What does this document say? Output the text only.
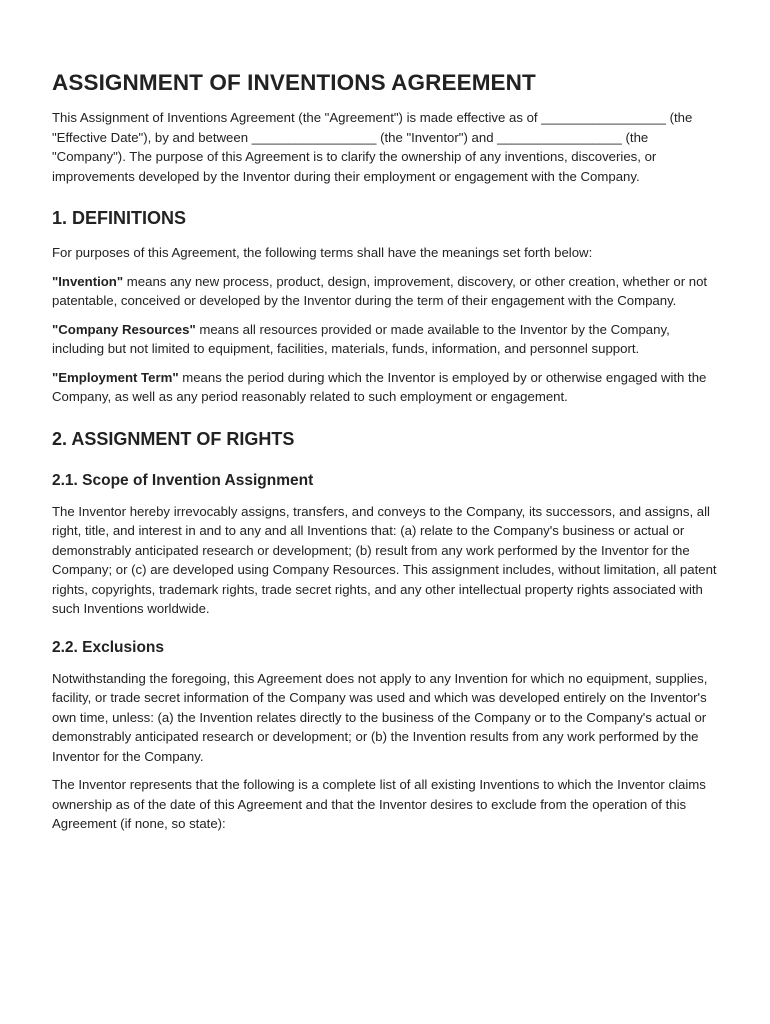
ASSIGNMENT OF INVENTIONS AGREEMENT

This Assignment of Inventions Agreement (the "Agreement") is made effective as of _________________ (the "Effective Date"), by and between _________________ (the "Inventor") and _________________ (the "Company"). The purpose of this Agreement is to clarify the ownership of any inventions, discoveries, or improvements developed by the Inventor during their employment or engagement with the Company.

1. DEFINITIONS

For purposes of this Agreement, the following terms shall have the meanings set forth below:

"Invention" means any new process, product, design, improvement, discovery, or other creation, whether or not patentable, conceived or developed by the Inventor during the term of their engagement with the Company.

"Company Resources" means all resources provided or made available to the Inventor by the Company, including but not limited to equipment, facilities, materials, funds, information, and personnel support.

"Employment Term" means the period during which the Inventor is employed by or otherwise engaged with the Company, as well as any period reasonably related to such employment or engagement.

2. ASSIGNMENT OF RIGHTS
2.1. Scope of Invention Assignment

The Inventor hereby irrevocably assigns, transfers, and conveys to the Company, its successors, and assigns, all right, title, and interest in and to any and all Inventions that: (a) relate to the Company's business or actual or demonstrably anticipated research or development; (b) result from any work performed by the Inventor for the Company; or (c) are developed using Company Resources. This assignment includes, without limitation, all patent rights, copyrights, trademark rights, trade secret rights, and any other intellectual property rights associated with such Inventions worldwide.

2.2. Exclusions

Notwithstanding the foregoing, this Agreement does not apply to any Invention for which no equipment, supplies, facility, or trade secret information of the Company was used and which was developed entirely on the Inventor's own time, unless: (a) the Invention relates directly to the business of the Company or to the Company's actual or demonstrably anticipated research or development; or (b) the Invention results from any work performed by the Inventor for the Company.

The Inventor represents that the following is a complete list of all existing Inventions to which the Inventor claims ownership as of the date of this Agreement and that the Inventor desires to exclude from the operation of this Agreement (if none, so state):
